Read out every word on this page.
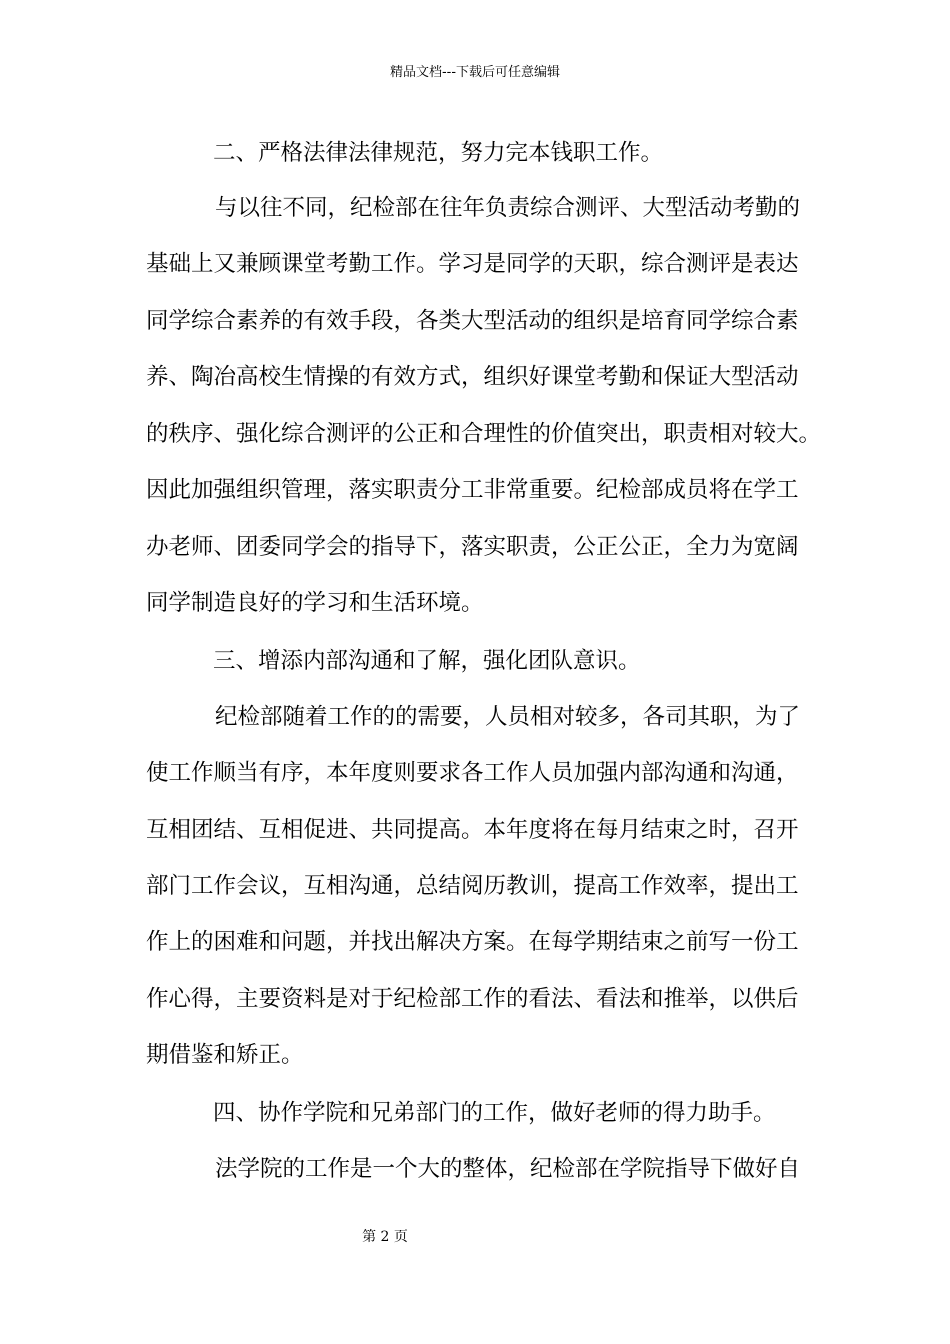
精品文档---下载后可任意编辑
二、严格法律法律规范，努力完本钱职工作。
与以往不同，纪检部在往年负责综合测评、大型活动考勤的
基础上又兼顾课堂考勤工作。学习是同学的天职，综合测评是表达
同学综合素养的有效手段，各类大型活动的组织是培育同学综合素
养、陶冶高校生情操的有效方式，组织好课堂考勤和保证大型活动
的秩序、强化综合测评的公正和合理性的价值突出，职责相对较大。
因此加强组织管理，落实职责分工非常重要。纪检部成员将在学工
办老师、团委同学会的指导下，落实职责，公正公正，全力为宽阔
同学制造良好的学习和生活环境。
三、增添内部沟通和了解，强化团队意识。
纪检部随着工作的的需要，人员相对较多，各司其职，为了
使工作顺当有序，本年度则要求各工作人员加强内部沟通和沟通，
互相团结、互相促进、共同提高。本年度将在每月结束之时，召开
部门工作会议，互相沟通，总结阅历教训，提高工作效率，提出工
作上的困难和问题，并找出解决方案。在每学期结束之前写一份工
作心得，主要资料是对于纪检部工作的看法、看法和推举，以供后
期借鉴和矫正。
四、协作学院和兄弟部门的工作，做好老师的得力助手。
法学院的工作是一个大的整体，纪检部在学院指导下做好自
第 2 页
